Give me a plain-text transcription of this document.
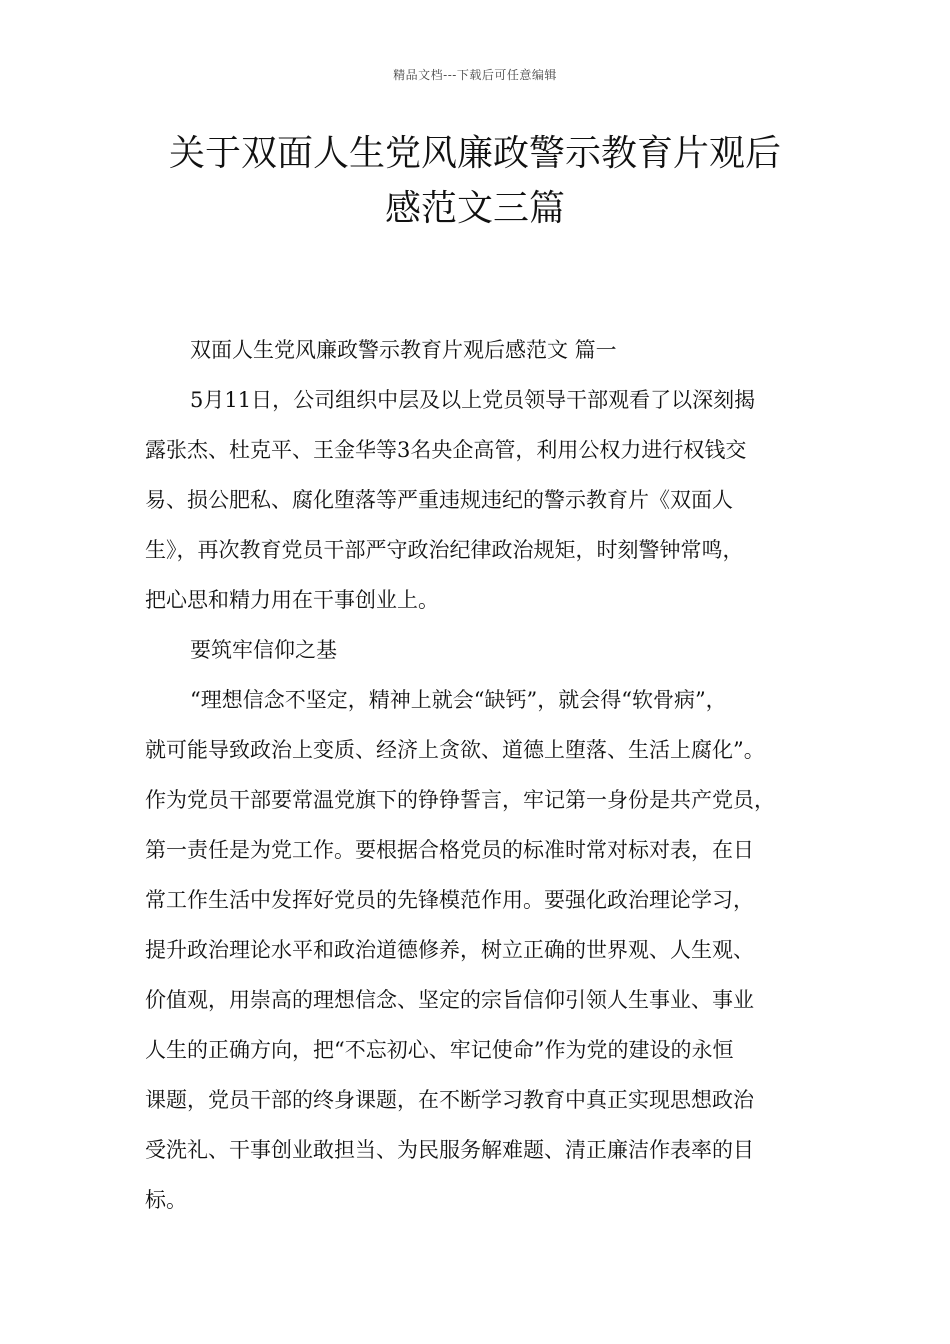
精品文档---下载后可任意编辑
关于双面人生党风廉政警示教育片观后
感范文三篇

双面人生党风廉政警示教育片观后感范文 篇一

5月11日，公司组织中层及以上党员领导干部观看了以深刻揭
露张杰、杜克平、王金华等3名央企高管，利用公权力进行权钱交
易、损公肥私、腐化堕落等严重违规违纪的警示教育片《双面人
生》，再次教育党员干部严守政治纪律政治规矩，时刻警钟常鸣，
把心思和精力用在干事创业上。

要筑牢信仰之基

“理想信念不坚定，精神上就会“缺钙”，就会得“软骨病”，
就可能导致政治上变质、经济上贪欲、道德上堕落、生活上腐化”。
作为党员干部要常温党旗下的铮铮誓言，牢记第一身份是共产党员，
第一责任是为党工作。要根据合格党员的标准时常对标对表，在日
常工作生活中发挥好党员的先锋模范作用。要强化政治理论学习，
提升政治理论水平和政治道德修养，树立正确的世界观、人生观、
价值观，用崇高的理想信念、坚定的宗旨信仰引领人生事业、事业
人生的正确方向，把“不忘初心、牢记使命”作为党的建设的永恒
课题，党员干部的终身课题，在不断学习教育中真正实现思想政治
受洗礼、干事创业敢担当、为民服务解难题、清正廉洁作表率的目
标。
